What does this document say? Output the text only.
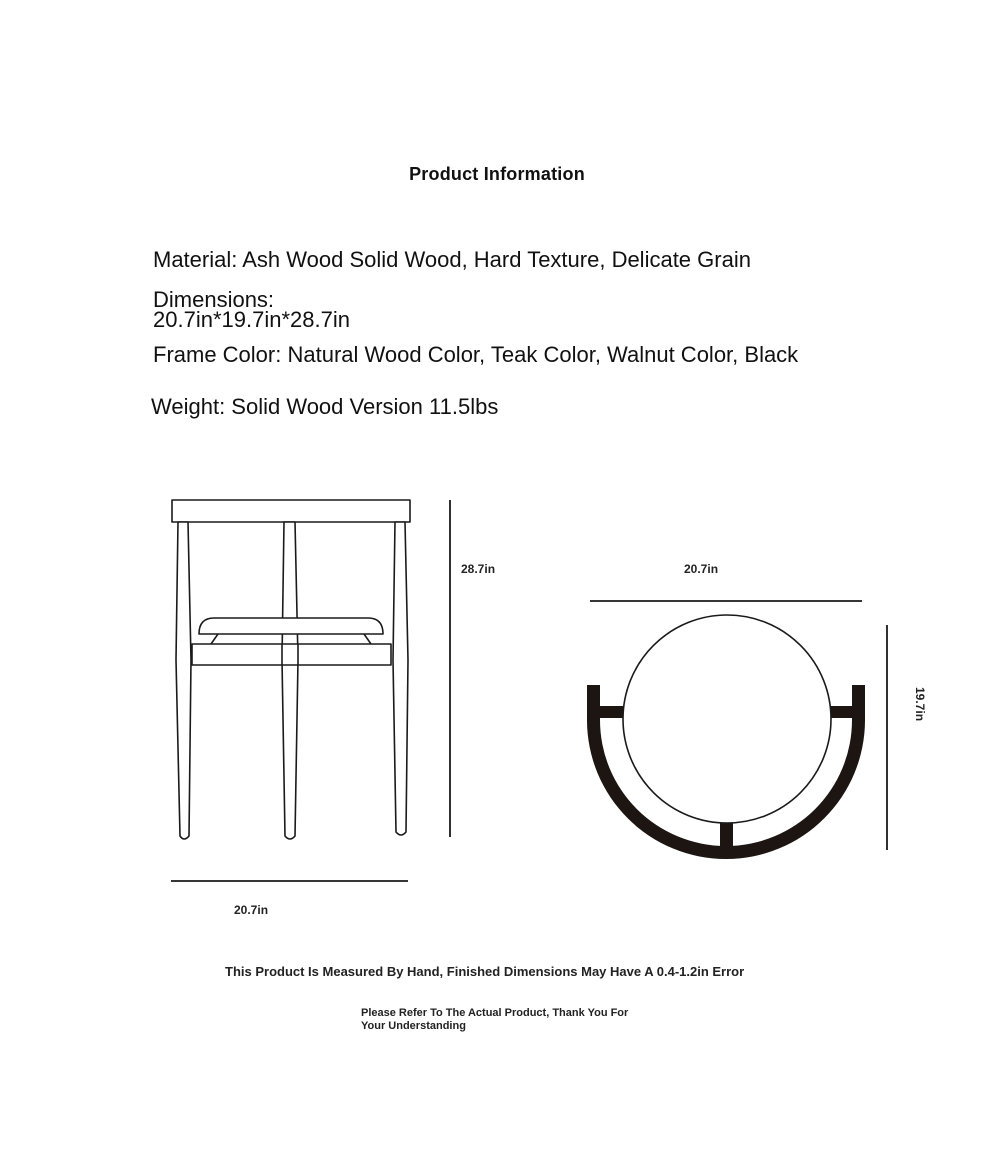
Product Information
Material: Ash Wood Solid Wood, Hard Texture, Delicate Grain
Dimensions:
20.7in*19.7in*28.7in
Frame Color: Natural Wood Color, Teak Color, Walnut Color, Black
Weight: Solid Wood Version 11.5lbs
28.7in
20.7in
20.7in
19.7in
This Product Is Measured By Hand, Finished Dimensions May Have A 0.4-1.2in Error
Please Refer To The Actual Product, Thank You For Your Understanding
